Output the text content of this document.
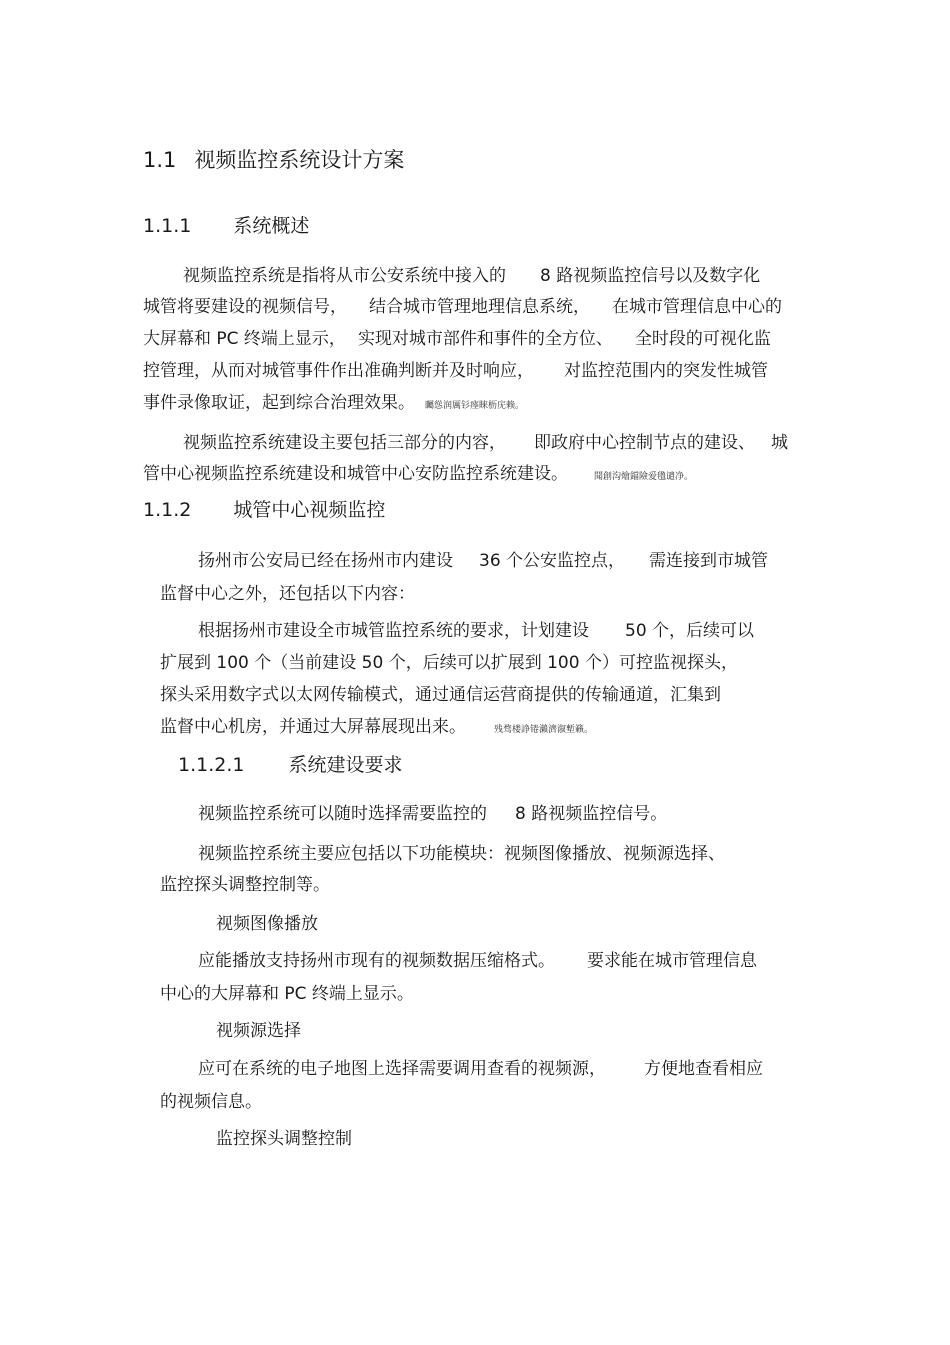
1.1 视频监控系统设计方案
1.1.1 系统概述
视频监控系统是指将从市公安系统中接入的 8 路视频监控信号以及数字化
城管将要建设的视频信号， 结合城市管理地理信息系统， 在城市管理信息中心的
大屏幕和 PC 终端上显示， 实现对城市部件和事件的全方位、 全时段的可视化监
控管理，从而对城管事件作出准确判断并及时响应， 对监控范围内的突发性城管
事件录像取证，起到综合治理效果。 矚慫润厲钐瘗睞枥庑赖。
视频监控系统建设主要包括三部分的内容， 即政府中心控制节点的建设、 城
管中心视频监控系统建设和城管中心安防监控系统建设。	聞創沟燴鐺險爱氇谴净。
1.1.2 城管中心视频监控
扬州市公安局已经在扬州市内建设 36 个公安监控点， 需连接到市城管
监督中心之外，还包括以下内容：
根据扬州市建设全市城管监控系统的要求，计划建设 50 个，后续可以
扩展到 100 个（当前建设 50 个，后续可以扩展到 100 个）可控监视探头，
探头采用数字式以太网传输模式，通过通信运营商提供的传输通道，汇集到
监督中心机房，并通过大屏幕展现出来。	残骛楼諍锩瀨濟溆塹籟。
1.1.2.1 系统建设要求
视频监控系统可以随时选择需要监控的 8 路视频监控信号。
视频监控系统主要应包括以下功能模块：视频图像播放、视频源选择、
监控探头调整控制等。
视频图像播放
应能播放支持扬州市现有的视频数据压缩格式。 要求能在城市管理信息
中心的大屏幕和 PC 终端上显示。
视频源选择
应可在系统的电子地图上选择需要调用查看的视频源， 方便地查看相应
的视频信息。
监控探头调整控制
